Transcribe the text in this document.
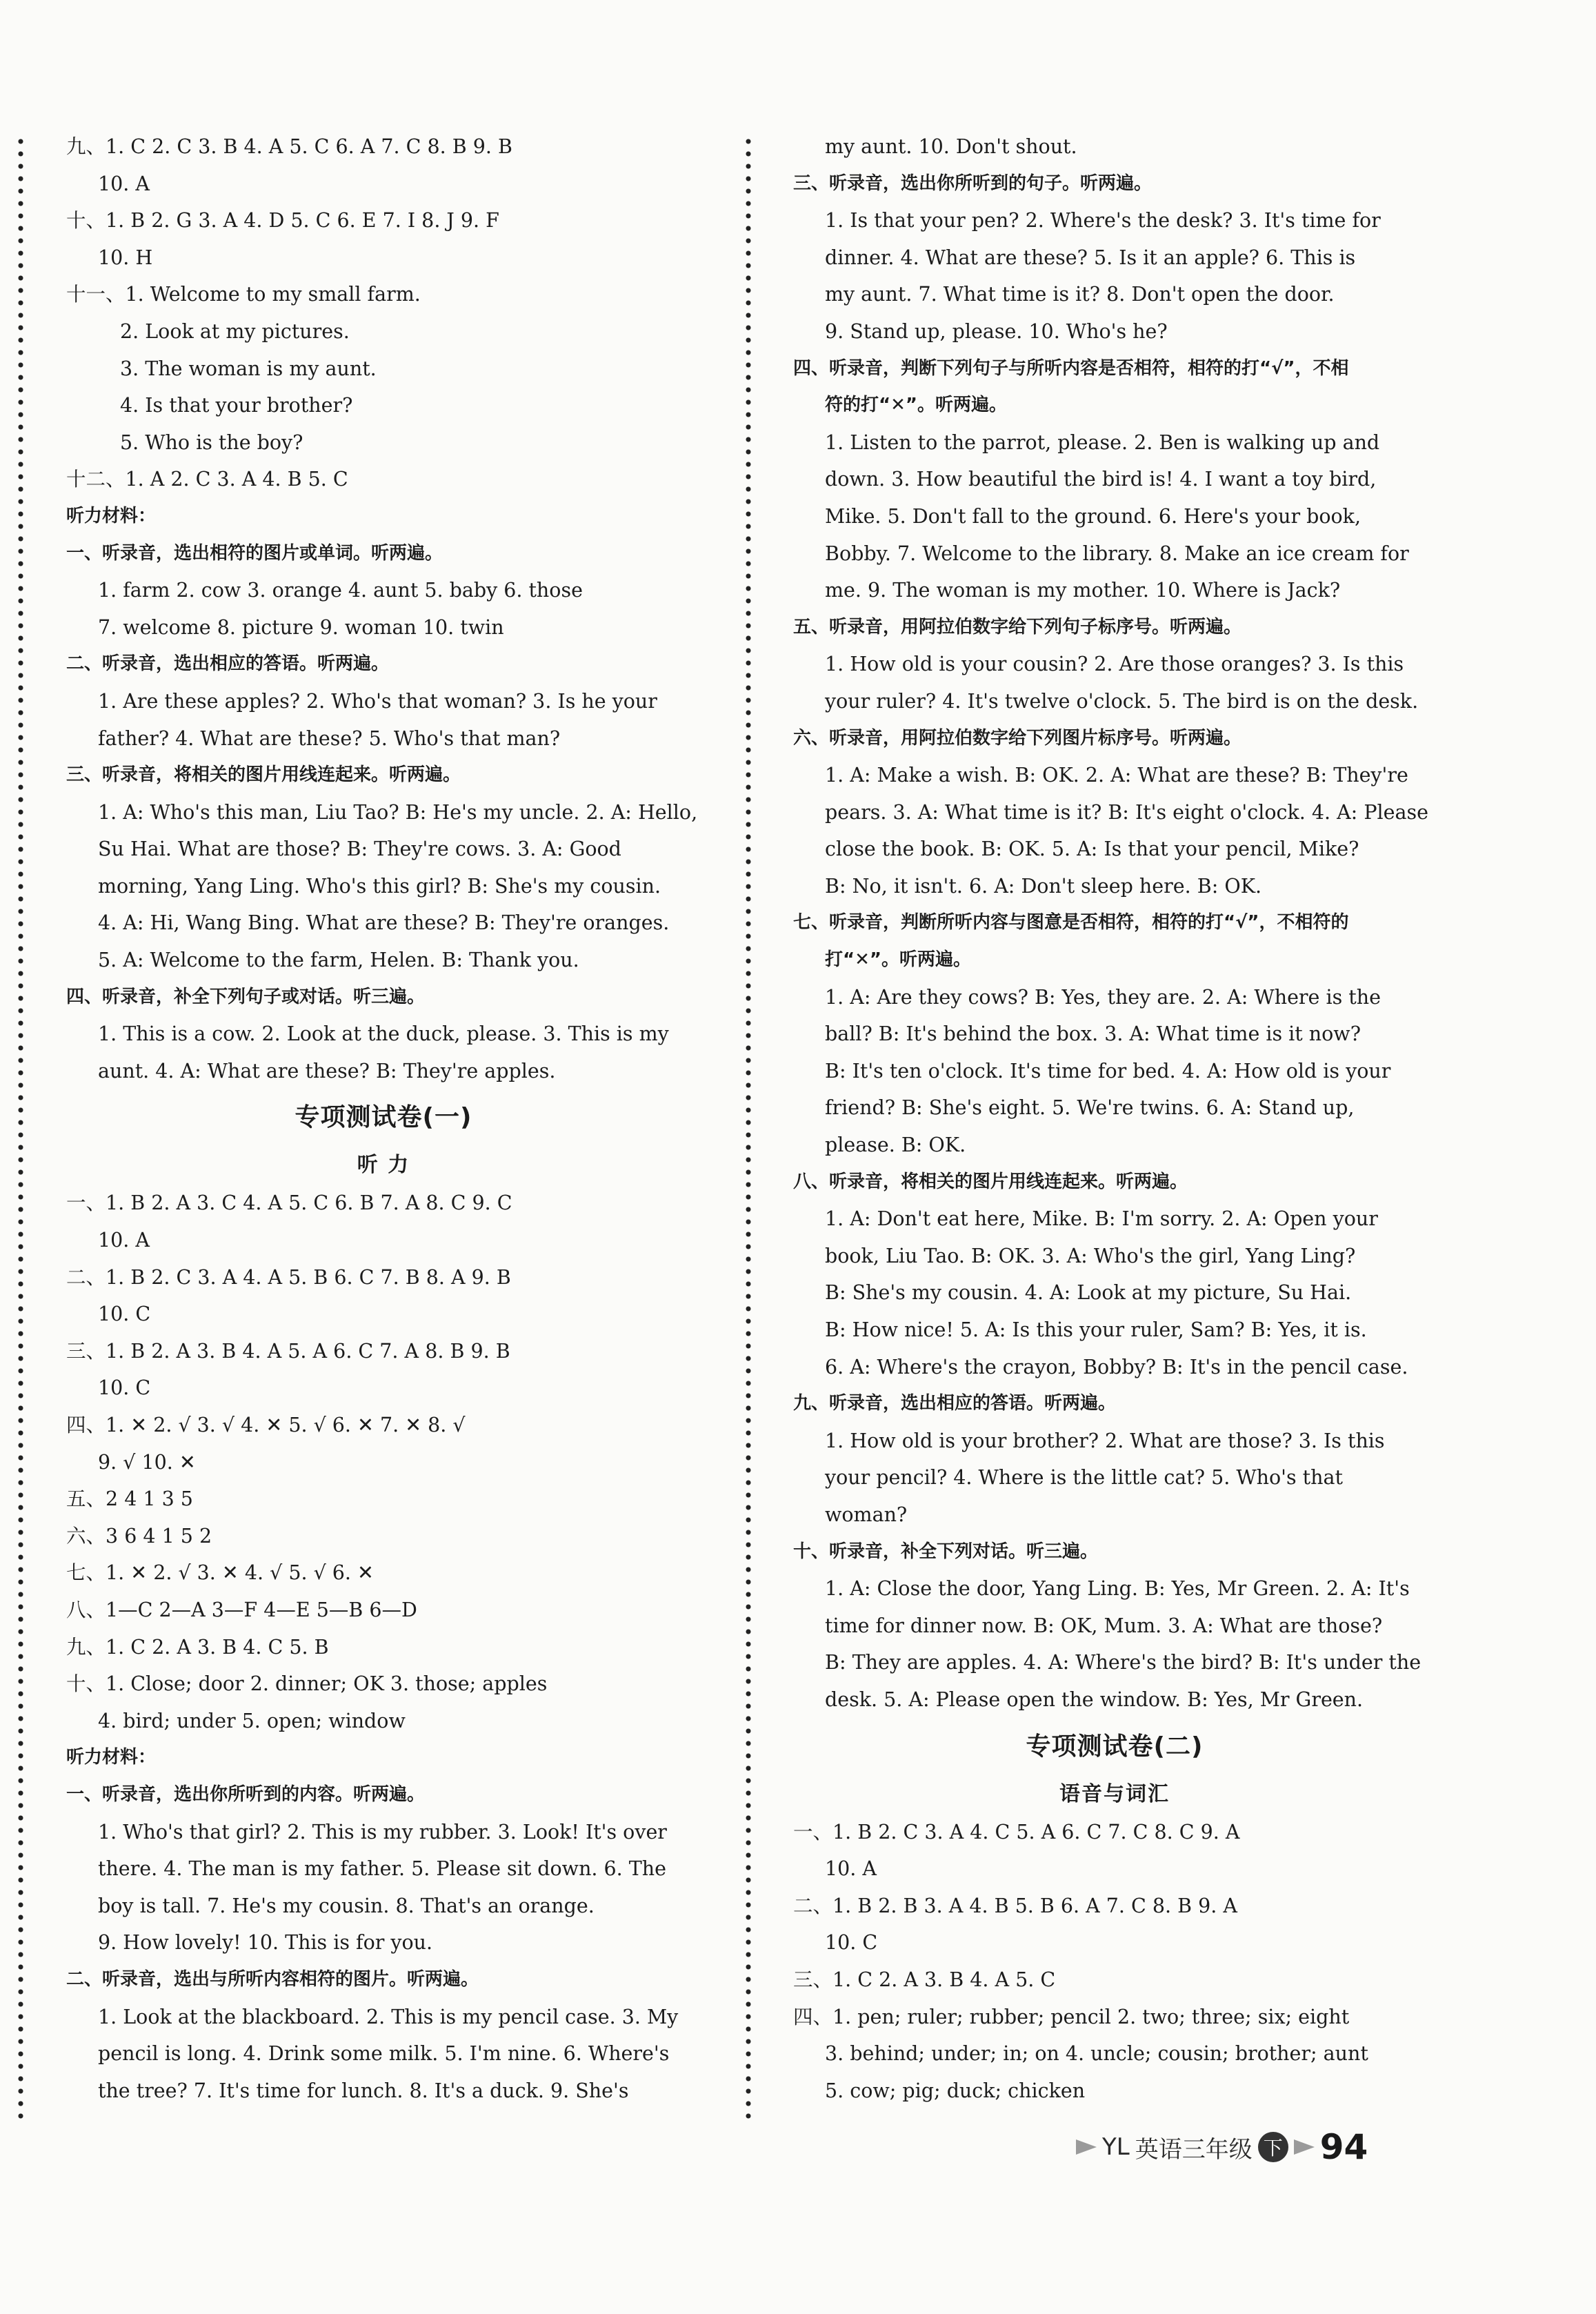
九、1. C 2. C 3. B 4. A 5. C 6. A 7. C 8. B 9. B
10. A
十、1. B 2. G 3. A 4. D 5. C 6. E 7. I 8. J 9. F
10. H
十一、1. Welcome to my small farm.
2. Look at my pictures.
3. The woman is my aunt.
4. Is that your brother?
5. Who is the boy?
十二、1. A 2. C 3. A 4. B 5. C
听力材料：
一、听录音，选出相符的图片或单词。听两遍。
1. farm 2. cow 3. orange 4. aunt 5. baby 6. those
7. welcome 8. picture 9. woman 10. twin
二、听录音，选出相应的答语。听两遍。
1. Are these apples? 2. Who's that woman? 3. Is he your
father? 4. What are these? 5. Who's that man?
三、听录音，将相关的图片用线连起来。听两遍。
1. A: Who's this man, Liu Tao? B: He's my uncle. 2. A: Hello,
Su Hai. What are those? B: They're cows. 3. A: Good
morning, Yang Ling. Who's this girl? B: She's my cousin.
4. A: Hi, Wang Bing. What are these? B: They're oranges.
5. A: Welcome to the farm, Helen. B: Thank you.
四、听录音，补全下列句子或对话。听三遍。
1. This is a cow. 2. Look at the duck, please. 3. This is my
aunt. 4. A: What are these? B: They're apples.
专项测试卷(一)
听 力
一、1. B 2. A 3. C 4. A 5. C 6. B 7. A 8. C 9. C
10. A
二、1. B 2. C 3. A 4. A 5. B 6. C 7. B 8. A 9. B
10. C
三、1. B 2. A 3. B 4. A 5. A 6. C 7. A 8. B 9. B
10. C
四、1. ✕ 2. √ 3. √ 4. ✕ 5. √ 6. ✕ 7. ✕ 8. √
9. √ 10. ✕
五、2 4 1 3 5
六、3 6 4 1 5 2
七、1. ✕ 2. √ 3. ✕ 4. √ 5. √ 6. ✕
八、1—C 2—A 3—F 4—E 5—B 6—D
九、1. C 2. A 3. B 4. C 5. B
十、1. Close; door 2. dinner; OK 3. those; apples
4. bird; under 5. open; window
听力材料：
一、听录音，选出你所听到的内容。听两遍。
1. Who's that girl? 2. This is my rubber. 3. Look! It's over
there. 4. The man is my father. 5. Please sit down. 6. The
boy is tall. 7. He's my cousin. 8. That's an orange.
9. How lovely! 10. This is for you.
二、听录音，选出与所听内容相符的图片。听两遍。
1. Look at the blackboard. 2. This is my pencil case. 3. My
pencil is long. 4. Drink some milk. 5. I'm nine. 6. Where's
the tree? 7. It's time for lunch. 8. It's a duck. 9. She's
my aunt. 10. Don't shout.
三、听录音，选出你所听到的句子。听两遍。
1. Is that your pen? 2. Where's the desk? 3. It's time for
dinner. 4. What are these? 5. Is it an apple? 6. This is
my aunt. 7. What time is it? 8. Don't open the door.
9. Stand up, please. 10. Who's he?
四、听录音，判断下列句子与所听内容是否相符，相符的打“√”，不相
符的打“✕”。听两遍。
1. Listen to the parrot, please. 2. Ben is walking up and
down. 3. How beautiful the bird is! 4. I want a toy bird,
Mike. 5. Don't fall to the ground. 6. Here's your book,
Bobby. 7. Welcome to the library. 8. Make an ice cream for
me. 9. The woman is my mother. 10. Where is Jack?
五、听录音，用阿拉伯数字给下列句子标序号。听两遍。
1. How old is your cousin? 2. Are those oranges? 3. Is this
your ruler? 4. It's twelve o'clock. 5. The bird is on the desk.
六、听录音，用阿拉伯数字给下列图片标序号。听两遍。
1. A: Make a wish. B: OK. 2. A: What are these? B: They're
pears. 3. A: What time is it? B: It's eight o'clock. 4. A: Please
close the book. B: OK. 5. A: Is that your pencil, Mike?
B: No, it isn't. 6. A: Don't sleep here. B: OK.
七、听录音，判断所听内容与图意是否相符，相符的打“√”，不相符的
打“✕”。听两遍。
1. A: Are they cows? B: Yes, they are. 2. A: Where is the
ball? B: It's behind the box. 3. A: What time is it now?
B: It's ten o'clock. It's time for bed. 4. A: How old is your
friend? B: She's eight. 5. We're twins. 6. A: Stand up,
please. B: OK.
八、听录音，将相关的图片用线连起来。听两遍。
1. A: Don't eat here, Mike. B: I'm sorry. 2. A: Open your
book, Liu Tao. B: OK. 3. A: Who's the girl, Yang Ling?
B: She's my cousin. 4. A: Look at my picture, Su Hai.
B: How nice! 5. A: Is this your ruler, Sam? B: Yes, it is.
6. A: Where's the crayon, Bobby? B: It's in the pencil case.
九、听录音，选出相应的答语。听两遍。
1. How old is your brother? 2. What are those? 3. Is this
your pencil? 4. Where is the little cat? 5. Who's that
woman?
十、听录音，补全下列对话。听三遍。
1. A: Close the door, Yang Ling. B: Yes, Mr Green. 2. A: It's
time for dinner now. B: OK, Mum. 3. A: What are those?
B: They are apples. 4. A: Where's the bird? B: It's under the
desk. 5. A: Please open the window. B: Yes, Mr Green.
专项测试卷(二)
语音与词汇
一、1. B 2. C 3. A 4. C 5. A 6. C 7. C 8. C 9. A
10. A
二、1. B 2. B 3. A 4. B 5. B 6. A 7. C 8. B 9. A
10. C
三、1. C 2. A 3. B 4. A 5. C
四、1. pen; ruler; rubber; pencil 2. two; three; six; eight
3. behind; under; in; on 4. uncle; cousin; brother; aunt
5. cow; pig; duck; chicken
YL 英语三年级 下 94
